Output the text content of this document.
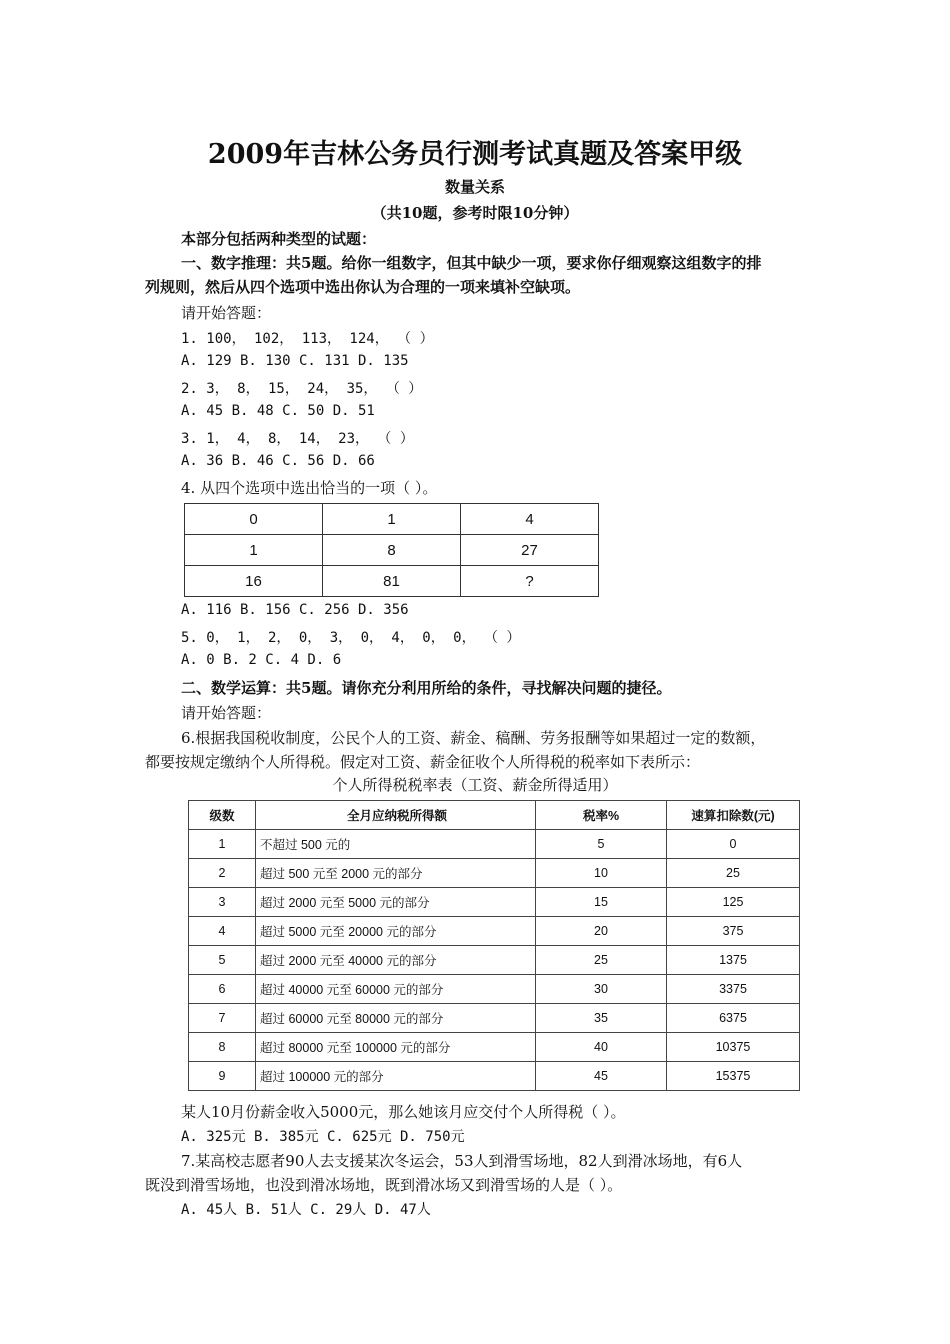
2009年吉林公务员行测考试真题及答案甲级
数量关系
（共10题，参考时限10分钟）
本部分包括两种类型的试题：
一、数字推理：共5题。给你一组数字，但其中缺少一项，要求你仔细观察这组数字的排
列规则，然后从四个选项中选出你认为合理的一项来填补空缺项。
请开始答题：
1. 100， 102， 113， 124， （ ）
A. 129 B. 130 C. 131 D. 135
2. 3， 8， 15， 24， 35， （ ）
A. 45 B. 48 C. 50 D. 51
3. 1， 4， 8， 14， 23， （ ）
A. 36 B. 46 C. 56 D. 66
4. 从四个选项中选出恰当的一项（ ）。
0	1	4
1	8	27
16	81	?
A. 116 B. 156 C. 256 D. 356
5. 0， 1， 2， 0， 3， 0， 4， 0， 0， （ ）
A. 0 B. 2 C. 4 D. 6
二、数学运算：共5题。请你充分利用所给的条件，寻找解决问题的捷径。
请开始答题：
6.根据我国税收制度，公民个人的工资、薪金、稿酬、劳务报酬等如果超过一定的数额，
都要按规定缴纳个人所得税。假定对工资、薪金征收个人所得税的税率如下表所示：
个人所得税税率表（工资、薪金所得适用）
级数	全月应纳税所得额	税率%	速算扣除数(元)
1	不超过 500 元的	5	0
2	超过 500 元至 2000 元的部分	10	25
3	超过 2000 元至 5000 元的部分	15	125
4	超过 5000 元至 20000 元的部分	20	375
5	超过 2000 元至 40000 元的部分	25	1375
6	超过 40000 元至 60000 元的部分	30	3375
7	超过 60000 元至 80000 元的部分	35	6375
8	超过 80000 元至 100000 元的部分	40	10375
9	超过 100000 元的部分	45	15375
某人10月份薪金收入5000元，那么她该月应交付个人所得税（ ）。
A. 325元 B. 385元 C. 625元 D. 750元
7.某高校志愿者90人去支援某次冬运会，53人到滑雪场地，82人到滑冰场地，有6人
既没到滑雪场地，也没到滑冰场地，既到滑冰场又到滑雪场的人是（ ）。
A. 45人 B. 51人 C. 29人 D. 47人
